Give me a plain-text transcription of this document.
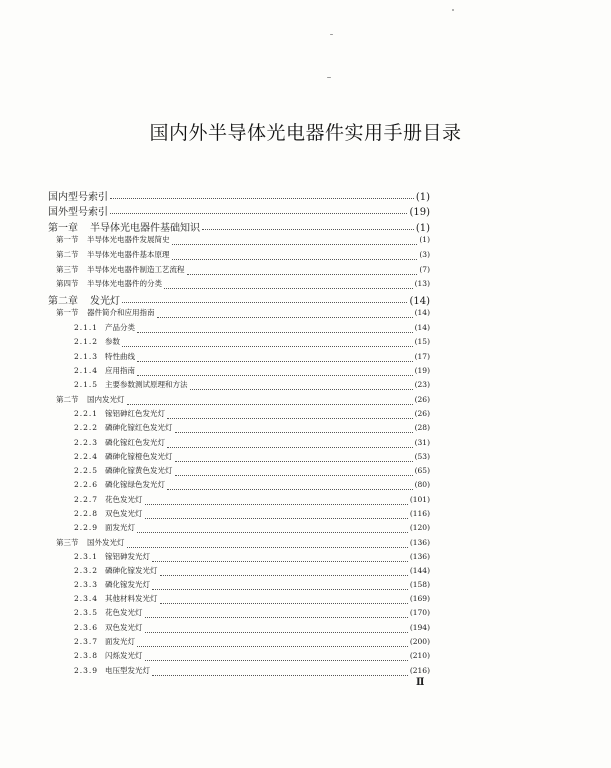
国内外半导体光电器件实用手册目录
国内型号索引	(1)
国外型号索引	(19)
第一章	半导体光电器件基础知识	(1)
第一节	半导体光电器件发展简史	(1)
第二节	半导体光电器件基本原理	(3)
第三节	半导体光电器件制造工艺流程	(7)
第四节	半导体光电器件的分类	(13)
第二章	发光灯	(14)
第一节	器件简介和应用指南	(14)
2.1.1 产品分类	(14)
2.1.2 参数	(15)
2.1.3 特性曲线	(17)
2.1.4 应用指南	(19)
2.1.5 主要参数测试原理和方法	(23)
第二节	国内发光灯	(26)
2.2.1 镓铝砷红色发光灯	(26)
2.2.2 磷砷化镓红色发光灯	(28)
2.2.3 磷化镓红色发光灯	(31)
2.2.4 磷砷化镓橙色发光灯	(53)
2.2.5 磷砷化镓黄色发光灯	(65)
2.2.6 磷化镓绿色发光灯	(80)
2.2.7 花色发光灯	(101)
2.2.8 双色发光灯	(116)
2.2.9 面发光灯	(120)
第三节	国外发光灯	(136)
2.3.1 镓铝砷发光灯	(136)
2.3.2 磷砷化镓发光灯	(144)
2.3.3 磷化镓发光灯	(158)
2.3.4 其他材料发光灯	(169)
2.3.5 花色发光灯	(170)
2.3.6 双色发光灯	(194)
2.3.7 面发光灯	(200)
2.3.8 闪烁发光灯	(210)
2.3.9 电压型发光灯	(216)
Ⅱ
